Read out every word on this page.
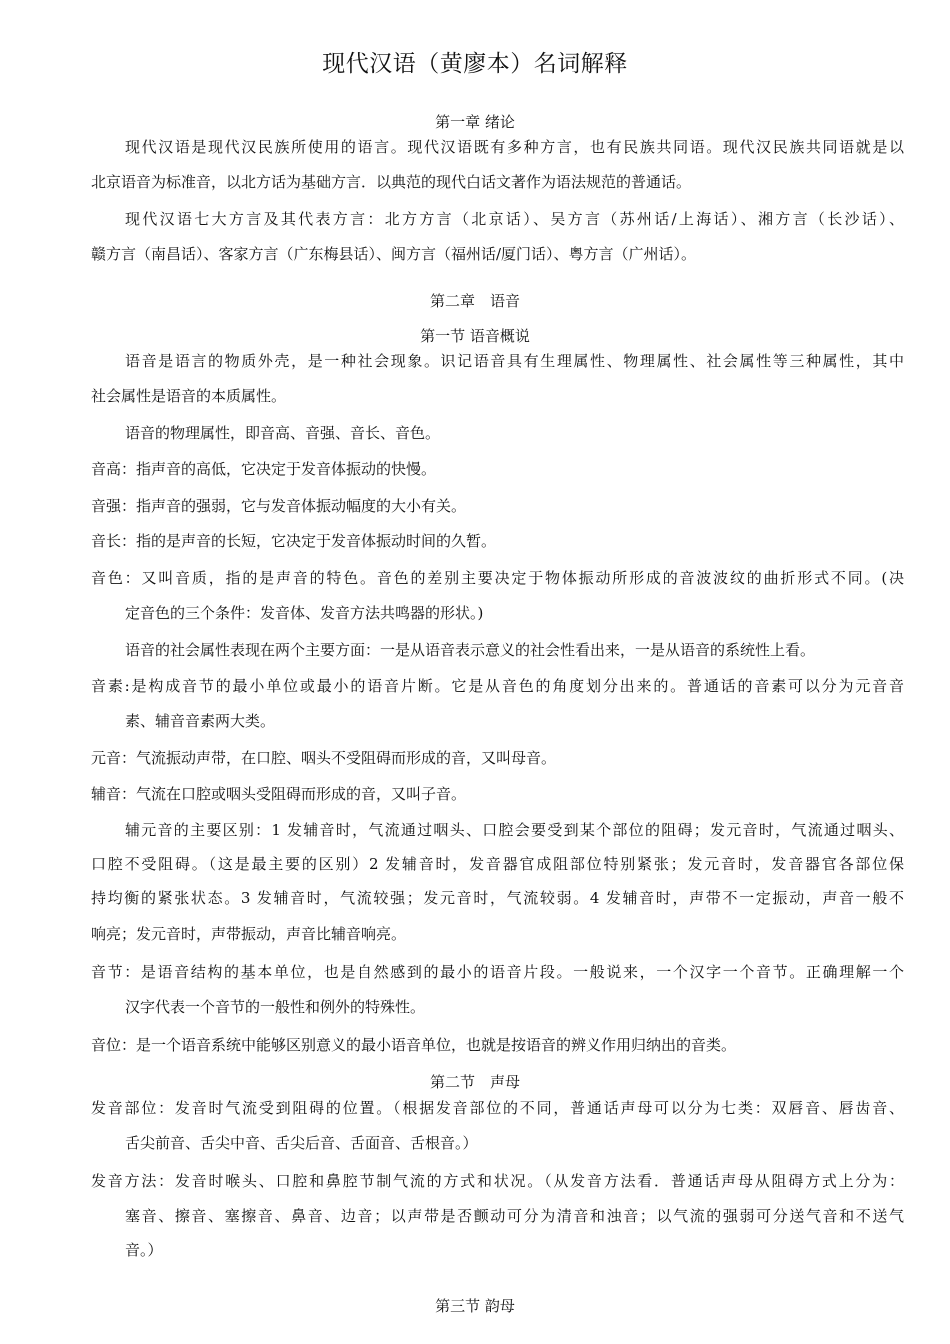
现代汉语（黄廖本）名词解释
第一章 绪论
现代汉语是现代汉民族所使用的语言。现代汉语既有多种方言，也有民族共同语。现代汉民族共同语就是以
北京语音为标准音，以北方话为基础方言．以典范的现代白话文著作为语法规范的普通话。
现代汉语七大方言及其代表方言：北方方言（北京话）、吴方言（苏州话/上海话）、湘方言（长沙话）、
赣方言（南昌话）、客家方言（广东梅县话）、闽方言（福州话/厦门话）、粤方言（广州话）。
第二章　语音
第一节 语音概说
语音是语言的物质外壳，是一种社会现象。识记语音具有生理属性、物理属性、社会属性等三种属性，其中
社会属性是语音的本质属性。
语音的物理属性，即音高、音强、音长、音色。
音高：指声音的高低，它决定于发音体振动的快慢。
音强：指声音的强弱，它与发音体振动幅度的大小有关。
音长：指的是声音的长短，它决定于发音体振动时间的久暂。
音色：又叫音质，指的是声音的特色。音色的差别主要决定于物体振动所形成的音波波纹的曲折形式不同。(决
定音色的三个条件：发音体、发音方法共鸣器的形状。)
语音的社会属性表现在两个主要方面：一是从语音表示意义的社会性看出来，一是从语音的系统性上看。
音素:是构成音节的最小单位或最小的语音片断。它是从音色的角度划分出来的。普通话的音素可以分为元音音
素、辅音音素两大类。
元音：气流振动声带，在口腔、咽头不受阻碍而形成的音，又叫母音。
辅音：气流在口腔或咽头受阻碍而形成的音，又叫子音。
辅元音的主要区别：1 发辅音时，气流通过咽头、口腔会要受到某个部位的阻碍；发元音时，气流通过咽头、
口腔不受阻碍。（这是最主要的区别）2 发辅音时，发音器官成阻部位特别紧张；发元音时，发音器官各部位保
持均衡的紧张状态。3 发辅音时，气流较强；发元音时，气流较弱。4 发辅音时，声带不一定振动，声音一般不
响亮；发元音时，声带振动，声音比辅音响亮。
音节：是语音结构的基本单位，也是自然感到的最小的语音片段。一般说来，一个汉字一个音节。正确理解一个
汉字代表一个音节的一般性和例外的特殊性。
音位：是一个语音系统中能够区别意义的最小语音单位，也就是按语音的辨义作用归纳出的音类。
第二节　声母
发音部位：发音时气流受到阻碍的位置。（根据发音部位的不同，普通话声母可以分为七类：双唇音、唇齿音、
舌尖前音、舌尖中音、舌尖后音、舌面音、舌根音。）
发音方法：发音时喉头、口腔和鼻腔节制气流的方式和状况。（从发音方法看．普通话声母从阻碍方式上分为：
塞音、擦音、塞擦音、鼻音、边音；以声带是否颤动可分为清音和浊音；以气流的强弱可分送气音和不送气
音。）
第三节 韵母
